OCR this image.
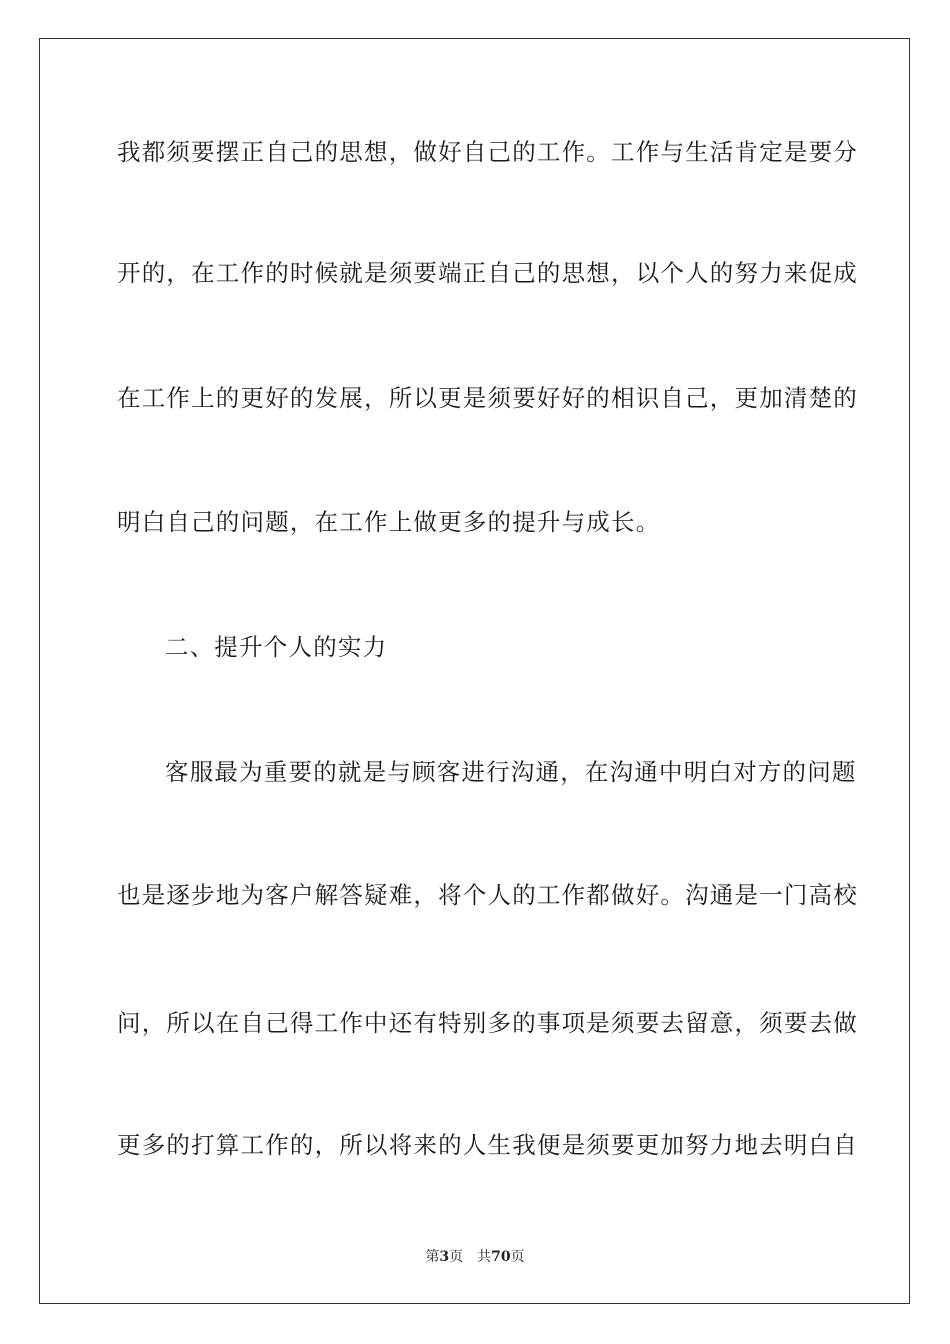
我都须要摆正自己的思想，做好自己的工作。工作与生活肯定是要分
开的，在工作的时候就是须要端正自己的思想，以个人的努力来促成
在工作上的更好的发展，所以更是须要好好的相识自己，更加清楚的
明白自己的问题，在工作上做更多的提升与成长。
二、提升个人的实力
客服最为重要的就是与顾客进行沟通，在沟通中明白对方的问题
也是逐步地为客户解答疑难，将个人的工作都做好。沟通是一门高校
问，所以在自己得工作中还有特别多的事项是须要去留意，须要去做
更多的打算工作的，所以将来的人生我便是须要更加努力地去明白自
第3页 共70页
